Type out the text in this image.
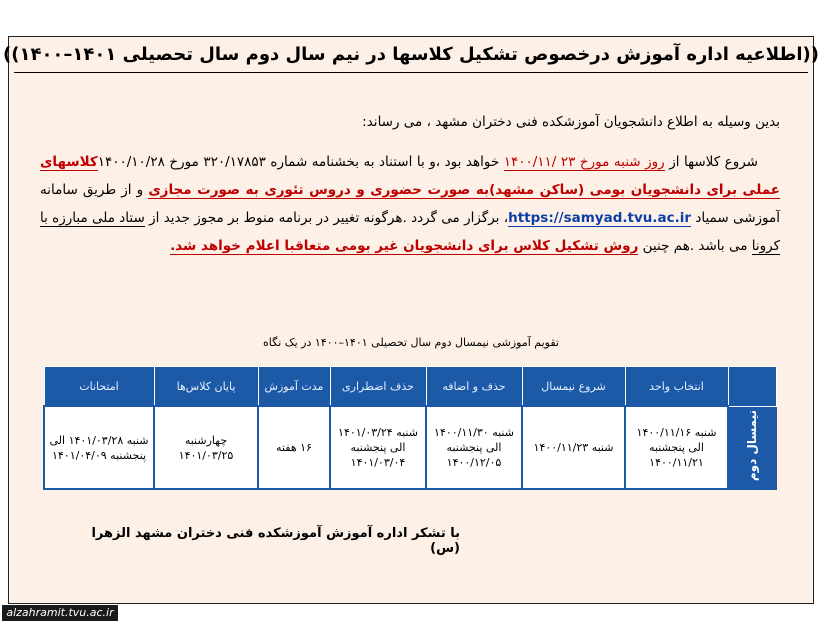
((اطلاعیه اداره آموزش درخصوص تشکیل کلاسها در نیم سال دوم سال تحصیلی ۱۴۰۱–۱۴۰۰))

بدین وسیله به اطلاع دانشجویان آموزشکده فنی دختران مشهد ، می رساند:

شروع کلاسها از روز شنبه مورخ ۲۳ /۱۴۰۰/۱۱ خواهد بود ،و با استناد به بخشنامه شماره ۳۲۰/۱۷۸۵۳ مورخ ۱۴۰۰/۱۰/۲۸کلاسهای عملی برای دانشجویان بومی (ساکن مشهد)به صورت حضوری و دروس تئوری به صورت مجازی و از طریق سامانه آموزشی سمیاد https://samyad.tvu.ac.ir، برگزار می گردد .هرگونه تغییر در برنامه منوط بر مجوز جدید از ستاد ملی مبارزه با کرونا می باشد .هم چنین روش تشکیل کلاس برای دانشجویان غیر بومی متعاقبا اعلام خواهد شد.

تقویم آموزشی نیمسال دوم سال تحصیلی ۱۴۰۱–۱۴۰۰ در یک نگاه
	انتخاب واحد	شروع نیمسال	حذف و اضافه	حذف اضطراری	مدت آموزش	پایان کلاس‌ها	امتحانات
نیمسال دوم	شنبه ۱۴۰۰/۱۱/۱۶ الی پنجشنبه ۱۴۰۰/۱۱/۲۱	شنبه ۱۴۰۰/۱۱/۲۳	شنبه ۱۴۰۰/۱۱/۳۰ الی پنجشنبه ۱۴۰۰/۱۲/۰۵	شنبه ۱۴۰۱/۰۳/۲۴ الی پنجشنبه ۱۴۰۱/۰۳/۰۴	۱۶ هفته	چهارشنبه ۱۴۰۱/۰۳/۲۵	شنبه ۱۴۰۱/۰۳/۲۸ الی پنجشنبه ۱۴۰۱/۰۴/۰۹
با تشکر اداره آموزش آموزشکده فنی دختران مشهد الزهرا (س)
alzahramit.tvu.ac.ir
